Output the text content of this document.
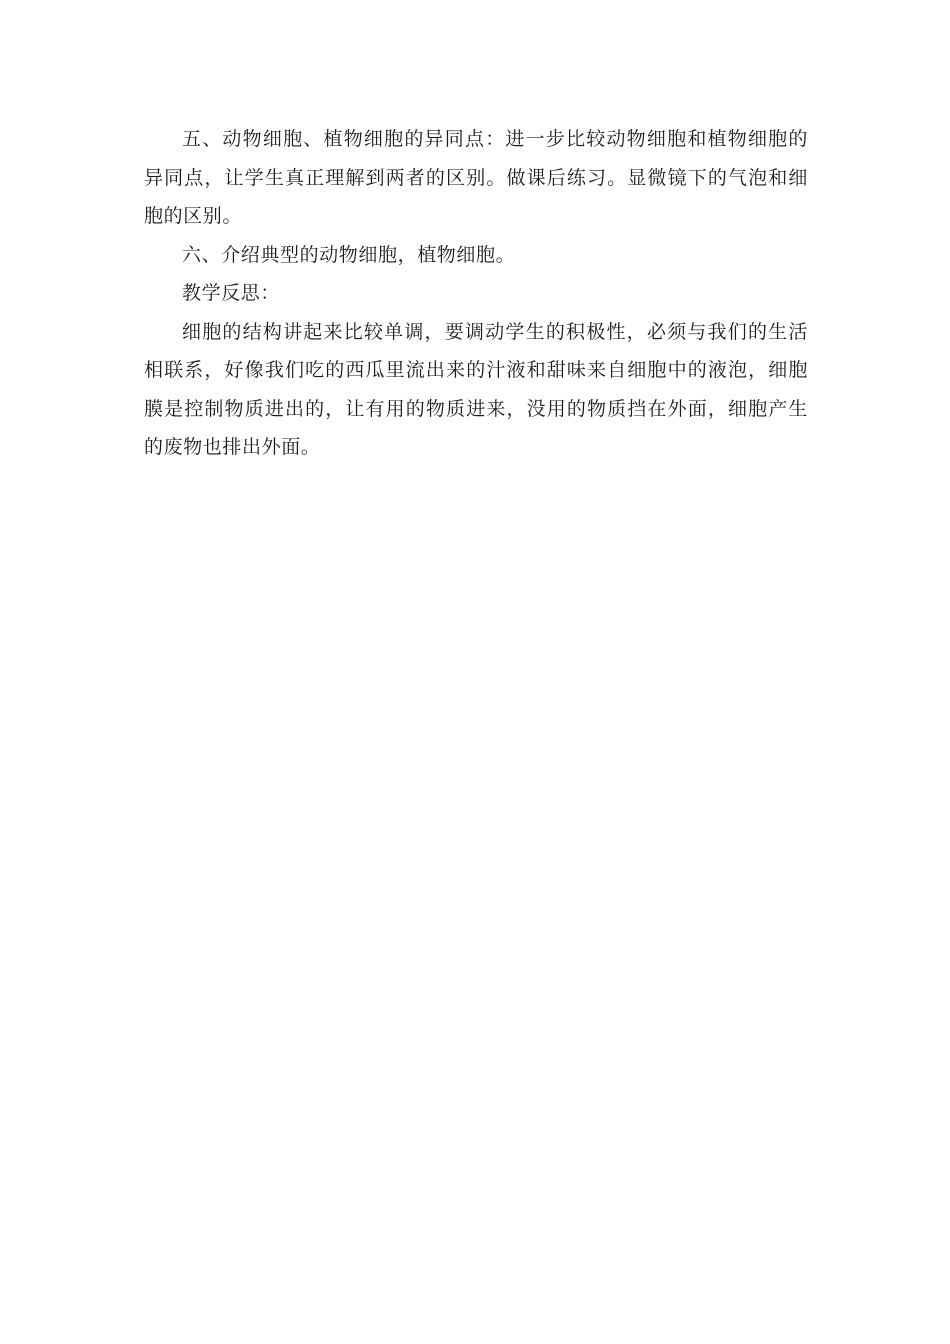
五、动物细胞、植物细胞的异同点：进一步比较动物细胞和植物细胞的异同点，让学生真正理解到两者的区别。做课后练习。显微镜下的气泡和细胞的区别。

六、介绍典型的动物细胞，植物细胞。

教学反思：

细胞的结构讲起来比较单调，要调动学生的积极性，必须与我们的生活相联系，好像我们吃的西瓜里流出来的汁液和甜味来自细胞中的液泡，细胞膜是控制物质进出的，让有用的物质进来，没用的物质挡在外面，细胞产生的废物也排出外面。
